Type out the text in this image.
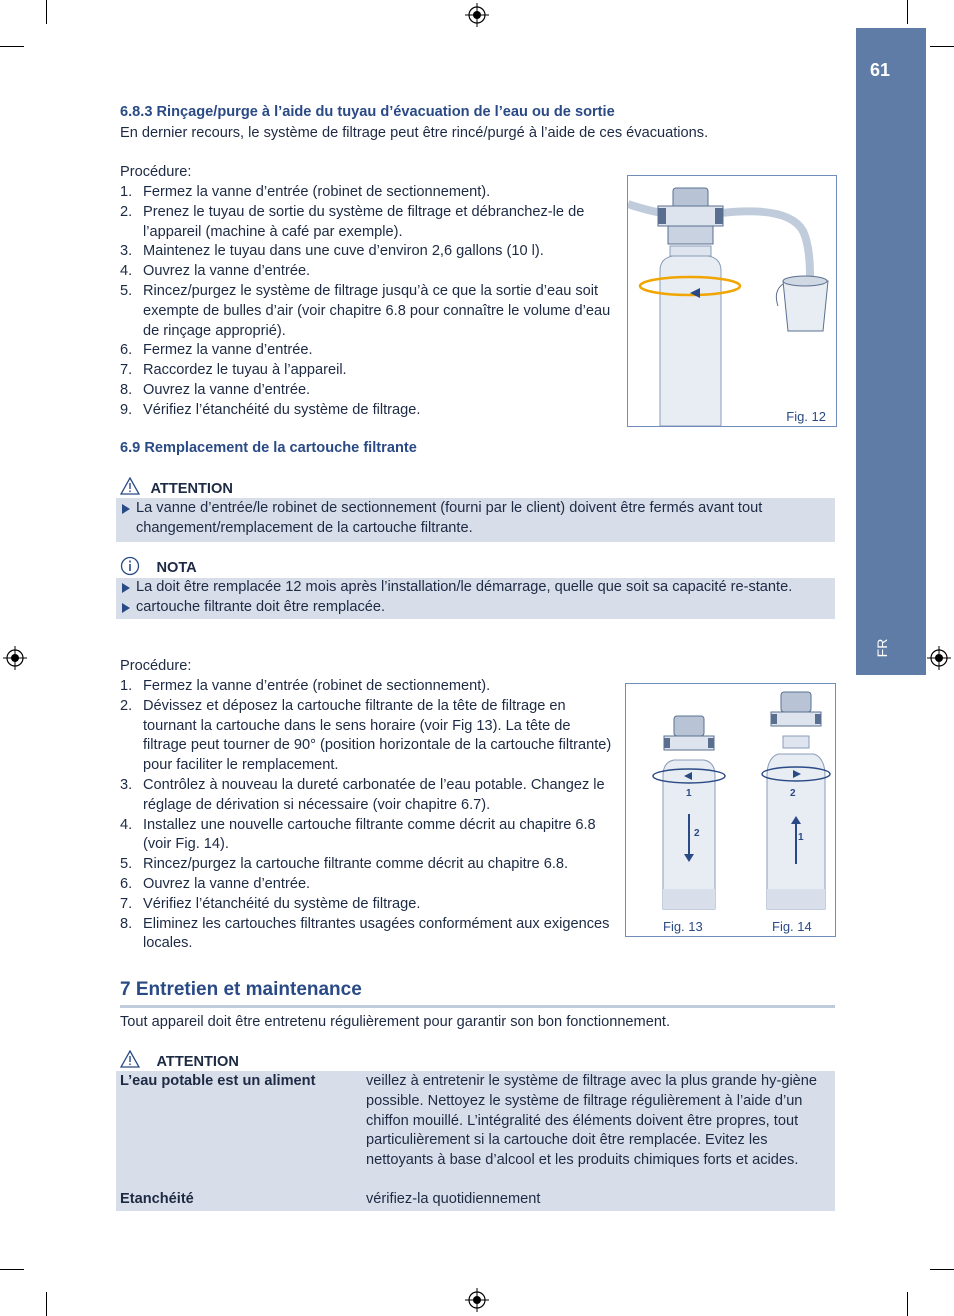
61
FR
6.8.3 Rinçage/purge à l’aide du tuyau d’évacuation de l’eau ou de sortie
En dernier recours, le système de filtrage peut être rincé/purgé à l’aide de ces évacuations.
Procédure:
1. Fermez la vanne d’entrée (robinet de sectionnement).
2. Prenez le tuyau de sortie du système de filtrage et débranchez-le de l’appareil (machine à café par exemple).
3. Maintenez le tuyau dans une cuve d’environ 2,6 gallons (10 l).
4. Ouvrez la vanne d’entrée.
5. Rincez/purgez le système de filtrage jusqu’à ce que la sortie d’eau soit exempte de bulles d’air (voir chapitre 6.8 pour connaître le volume d’eau de rinçage approprié).
6. Fermez la vanne d’entrée.
7. Raccordez le tuyau à l’appareil.
8. Ouvrez la vanne d’entrée.
9. Vérifiez l’étanchéité du système de filtrage.	Fig. 12
6.9 Remplacement de la cartouche filtrante
ATTENTION
La vanne d’entrée/le robinet de sectionnement (fourni par le client) doivent être fermés avant tout changement/remplacement de la cartouche filtrante.
NOTA
La doit être remplacée 12 mois après l’installation/le démarrage, quelle que soit sa capacité re-stante.
cartouche filtrante doit être remplacée.
Procédure:
1. Fermez la vanne d’entrée (robinet de sectionnement).
2. Dévissez et déposez la cartouche filtrante de la tête de filtrage en tournant la cartouche dans le sens horaire (voir Fig 13). La tête de filtrage peut tourner de 90° (position horizontale de la cartouche filtrante) pour faciliter le remplacement.
3. Contrôlez à nouveau la dureté carbonatée de l’eau potable. Changez le réglage de dérivation si nécessaire (voir chapitre 6.7).
4. Installez une nouvelle cartouche filtrante comme décrit au chapitre 6.8 (voir Fig. 14).
5. Rincez/purgez la cartouche filtrante comme décrit au chapitre 6.8.
6. Ouvrez la vanne d’entrée.
7. Vérifiez l’étanchéité du système de filtrage.
8. Eliminez les cartouches filtrantes usagées conformément aux exigences locales.
1
2
2
1
Fig. 13	Fig. 14
7 Entretien et maintenance
Tout appareil doit être entretenu régulièrement pour garantir son bon fonctionnement.
ATTENTION
L’eau potable est un aliment	veillez à entretenir le système de filtrage avec la plus grande hy-giène possible. Nettoyez le système de filtrage régulièrement à l’aide d’un chiffon mouillé. L’intégralité des éléments doivent être propres, tout particulièrement si la cartouche doit être remplacée. Evitez les nettoyants à base d’alcool et les produits chimiques forts et acides.
Etanchéité	vérifiez-la quotidiennement
